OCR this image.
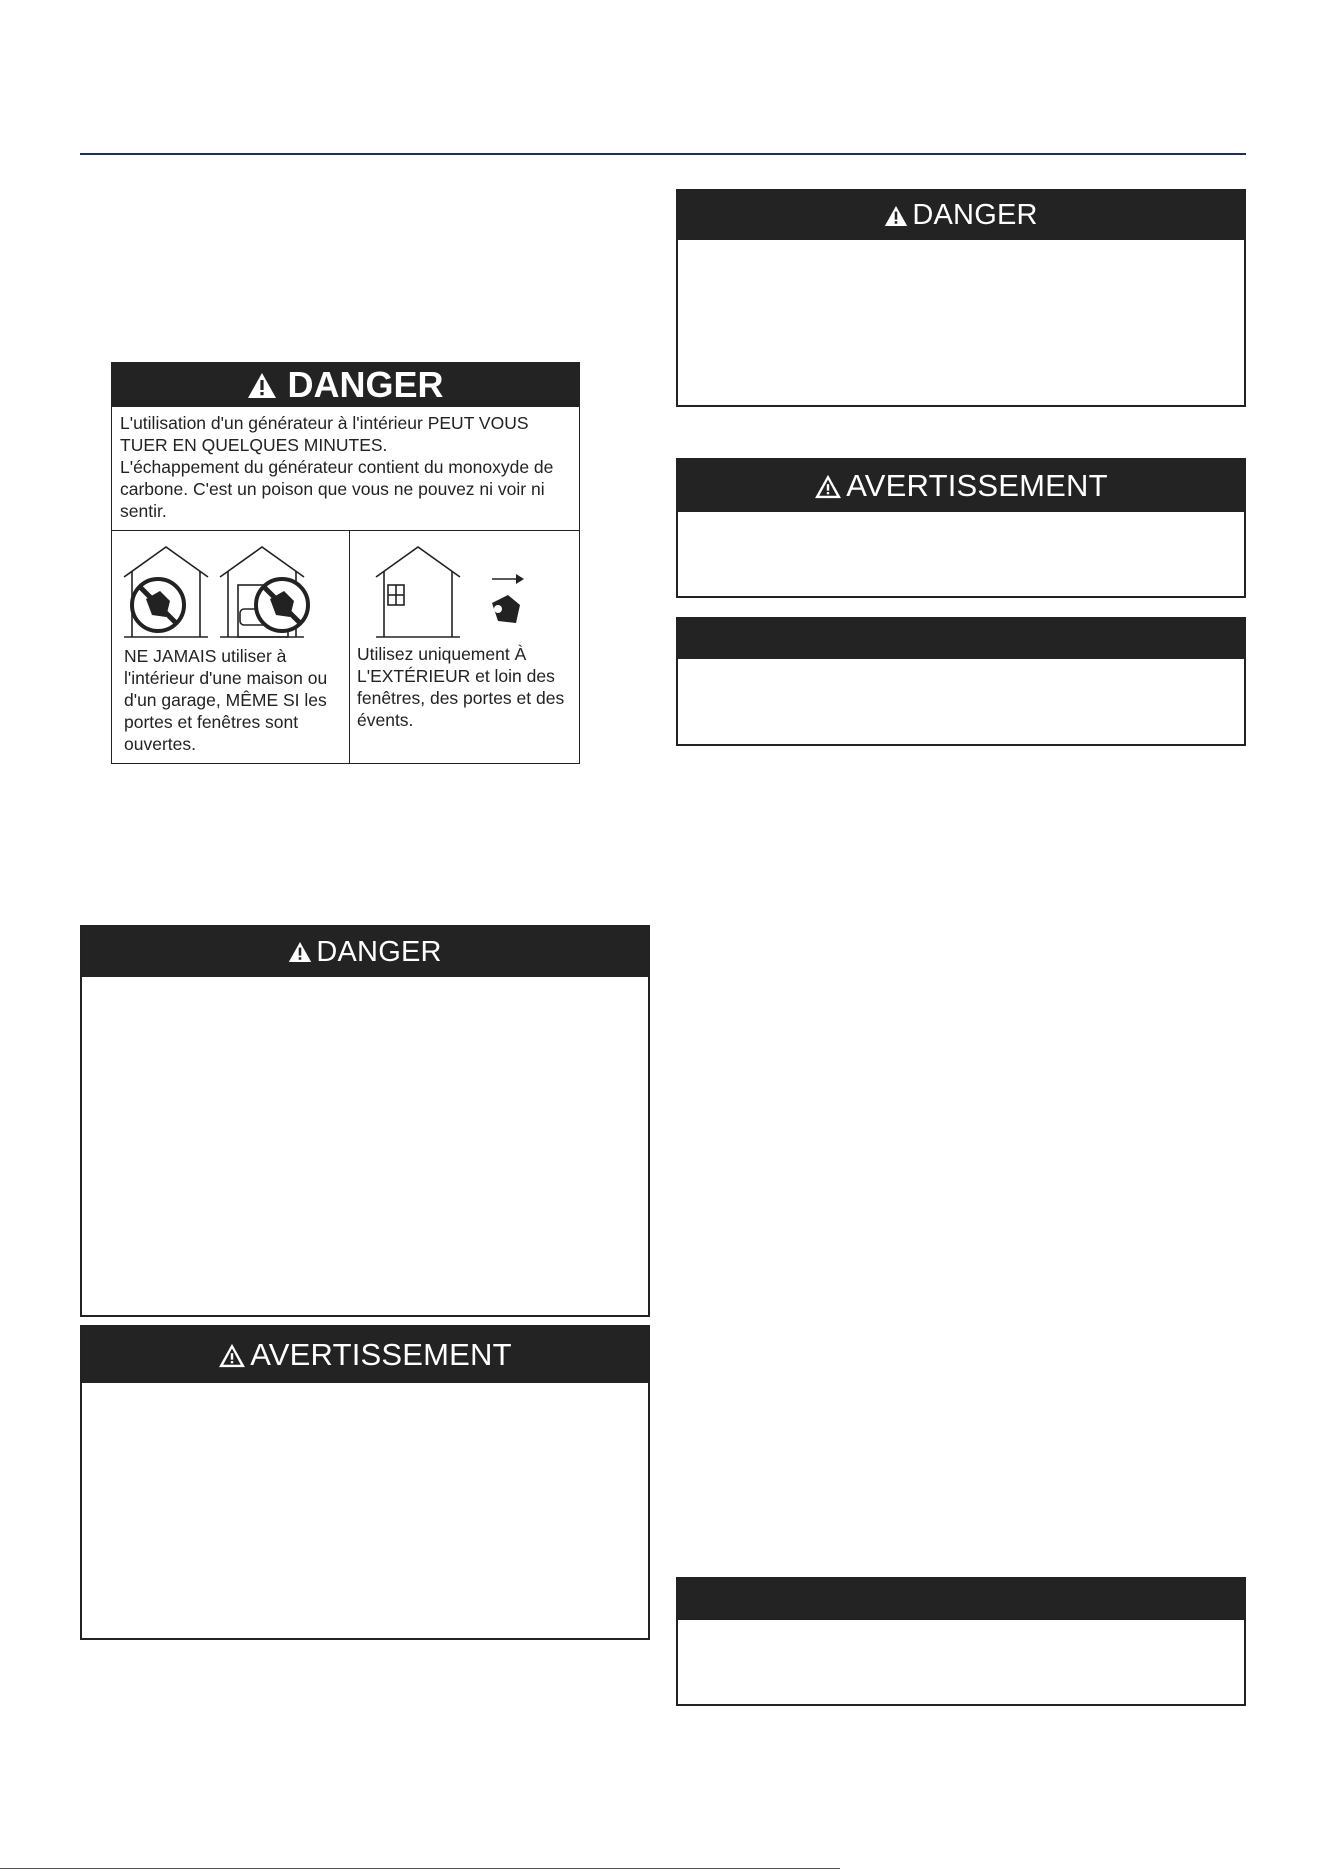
DANGER
L'utilisation d'un générateur à l'intérieur PEUT VOUS
TUER EN QUELQUES MINUTES.
L'échappement du générateur contient du monoxyde de
carbone. C'est un poison que vous ne pouvez ni voir ni
sentir.
NE JAMAIS utiliser à
l'intérieur d'une maison ou
d'un garage, MÊME SI les
portes et fenêtres sont
ouvertes.
Utilisez uniquement À
L'EXTÉRIEUR et loin des
fenêtres, des portes et des
évents.
DANGER
AVERTISSEMENT
DANGER
AVERTISSEMENT
